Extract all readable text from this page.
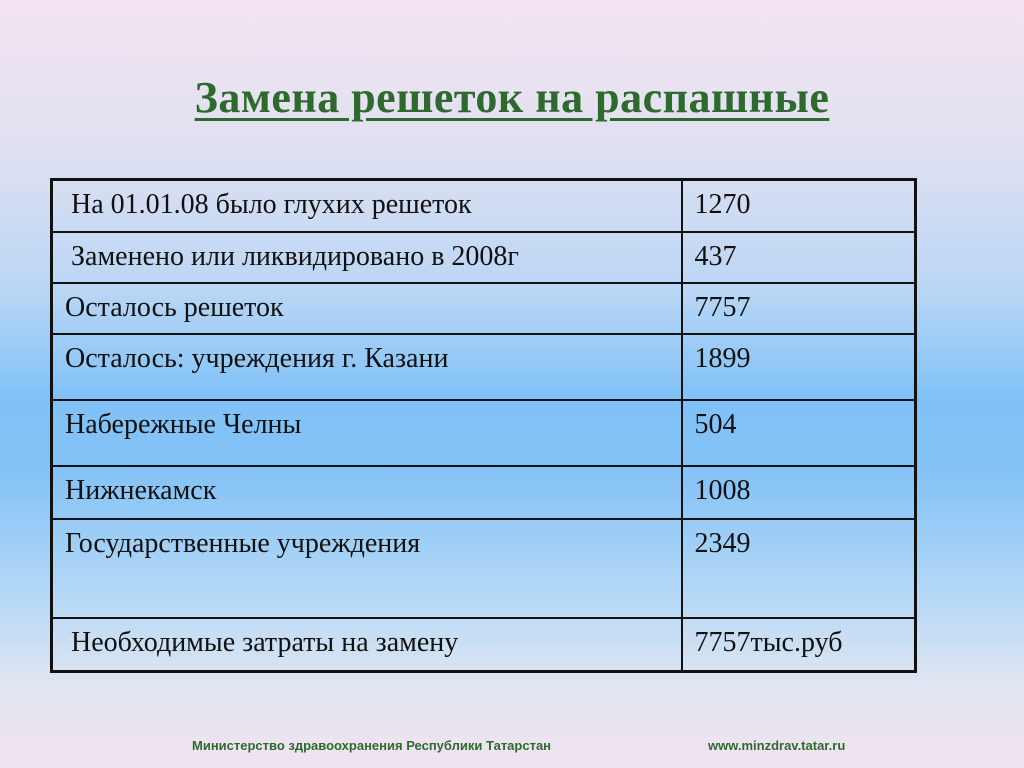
Замена решеток на распашные
На 01.01.08 было глухих решеток	1270
Заменено или ликвидировано в 2008г	437
Осталось решеток	7757
Осталось: учреждения г. Казани	1899
Набережные Челны	504
Нижнекамск	1008
Государственные учреждения	2349
Необходимые затраты на замену	7757тыс.руб
Министерство здравоохранения Республики Татарстан	www.minzdrav.tatar.ru
